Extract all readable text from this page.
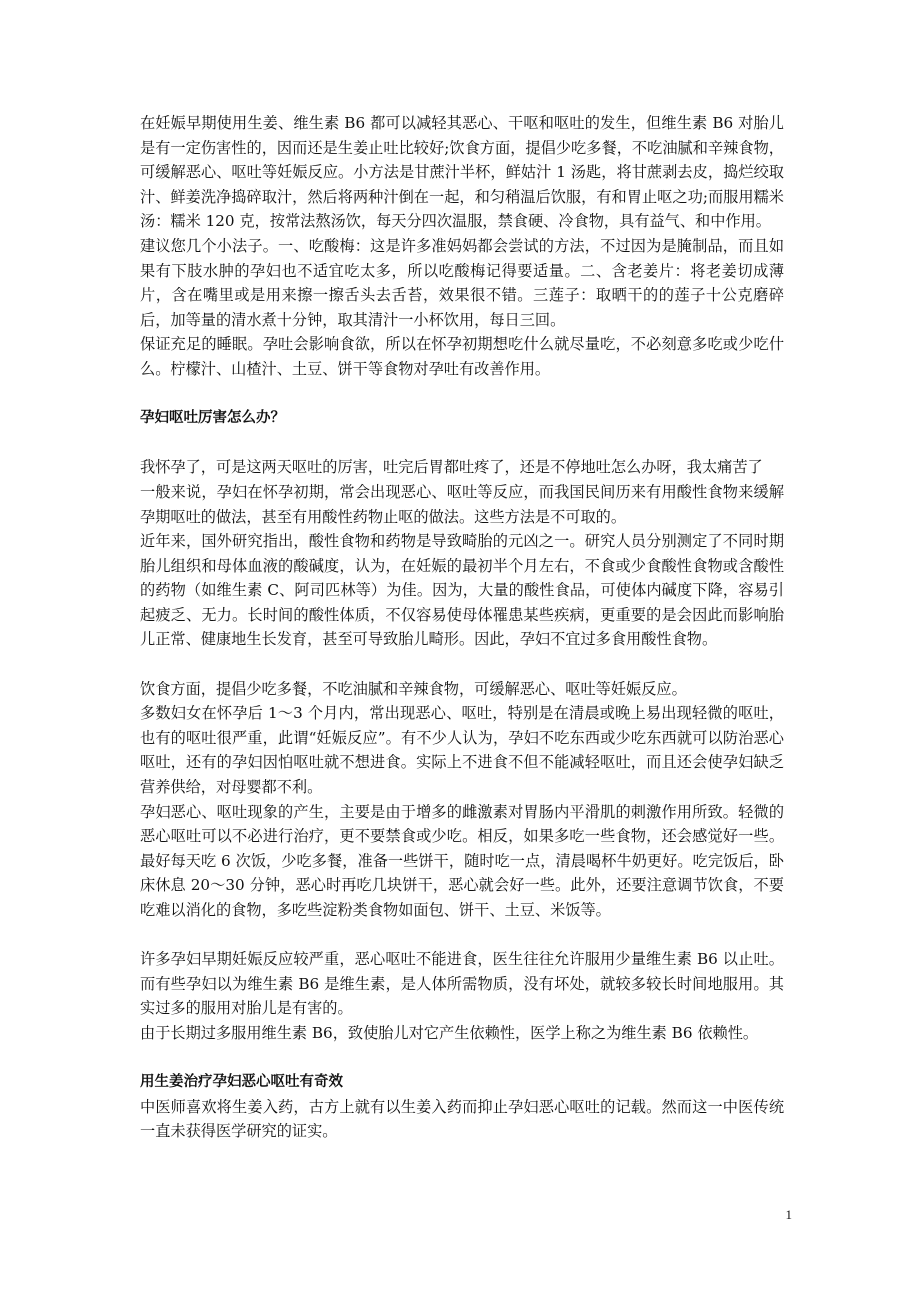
在妊娠早期使用生姜、维生素 B6 都可以减轻其恶心、干呕和呕吐的发生，但维生素 B6 对胎儿是有一定伤害性的，因而还是生姜止吐比较好;饮食方面，提倡少吃多餐，不吃油腻和辛辣食物，可缓解恶心、呕吐等妊娠反应。小方法是甘蔗汁半杯，鲜姑汁 1 汤匙，将甘蔗剥去皮，捣烂绞取汁、鲜姜洗净捣碎取汁，然后将两种汁倒在一起，和匀稍温后饮服，有和胃止呕之功;而服用糯米汤：糯米 120 克，按常法熬汤饮，每天分四次温服，禁食硬、冷食物，具有益气、和中作用。

建议您几个小法子。一、吃酸梅：这是许多准妈妈都会尝试的方法，不过因为是腌制品，而且如果有下肢水肿的孕妇也不适宜吃太多，所以吃酸梅记得要适量。二、含老姜片：将老姜切成薄片，含在嘴里或是用来擦一擦舌头去舌苔，效果很不错。三莲子：取晒干的的莲子十公克磨碎后，加等量的清水煮十分钟，取其清汁一小杯饮用，每日三回。

保证充足的睡眠。孕吐会影响食欲，所以在怀孕初期想吃什么就尽量吃，不必刻意多吃或少吃什么。柠檬汁、山楂汁、土豆、饼干等食物对孕吐有改善作用。

孕妇呕吐厉害怎么办？

我怀孕了，可是这两天呕吐的厉害，吐完后胃都吐疼了，还是不停地吐怎么办呀，我太痛苦了

一般来说，孕妇在怀孕初期，常会出现恶心、呕吐等反应，而我国民间历来有用酸性食物来缓解孕期呕吐的做法，甚至有用酸性药物止呕的做法。这些方法是不可取的。

近年来，国外研究指出，酸性食物和药物是导致畸胎的元凶之一。研究人员分别测定了不同时期胎儿组织和母体血液的酸碱度，认为，在妊娠的最初半个月左右，不食或少食酸性食物或含酸性的药物（如维生素 C、阿司匹林等）为佳。因为，大量的酸性食品，可使体内碱度下降，容易引起疲乏、无力。长时间的酸性体质，不仅容易使母体罹患某些疾病，更重要的是会因此而影响胎儿正常、健康地生长发育，甚至可导致胎儿畸形。因此，孕妇不宜过多食用酸性食物。

饮食方面，提倡少吃多餐，不吃油腻和辛辣食物，可缓解恶心、呕吐等妊娠反应。

多数妇女在怀孕后 1～3 个月内，常出现恶心、呕吐，特别是在清晨或晚上易出现轻微的呕吐，也有的呕吐很严重，此谓“妊娠反应”。有不少人认为，孕妇不吃东西或少吃东西就可以防治恶心呕吐，还有的孕妇因怕呕吐就不想进食。实际上不进食不但不能减轻呕吐，而且还会使孕妇缺乏营养供给，对母婴都不利。

孕妇恶心、呕吐现象的产生，主要是由于增多的雌激素对胃肠内平滑肌的刺激作用所致。轻微的恶心呕吐可以不必进行治疗，更不要禁食或少吃。相反，如果多吃一些食物，还会感觉好一些。最好每天吃 6 次饭，少吃多餐，准备一些饼干，随时吃一点，清晨喝杯牛奶更好。吃完饭后，卧床休息 20～30 分钟，恶心时再吃几块饼干，恶心就会好一些。此外，还要注意调节饮食，不要吃难以消化的食物，多吃些淀粉类食物如面包、饼干、土豆、米饭等。

许多孕妇早期妊娠反应较严重，恶心呕吐不能进食，医生往往允许服用少量维生素 B6 以止吐。而有些孕妇以为维生素 B6 是维生素，是人体所需物质，没有坏处，就较多较长时间地服用。其实过多的服用对胎儿是有害的。

由于长期过多服用维生素 B6，致使胎儿对它产生依赖性，医学上称之为维生素 B6 依赖性。

用生姜治疗孕妇恶心呕吐有奇效

中医师喜欢将生姜入药，古方上就有以生姜入药而抑止孕妇恶心呕吐的记载。然而这一中医传统一直未获得医学研究的证实。

1
